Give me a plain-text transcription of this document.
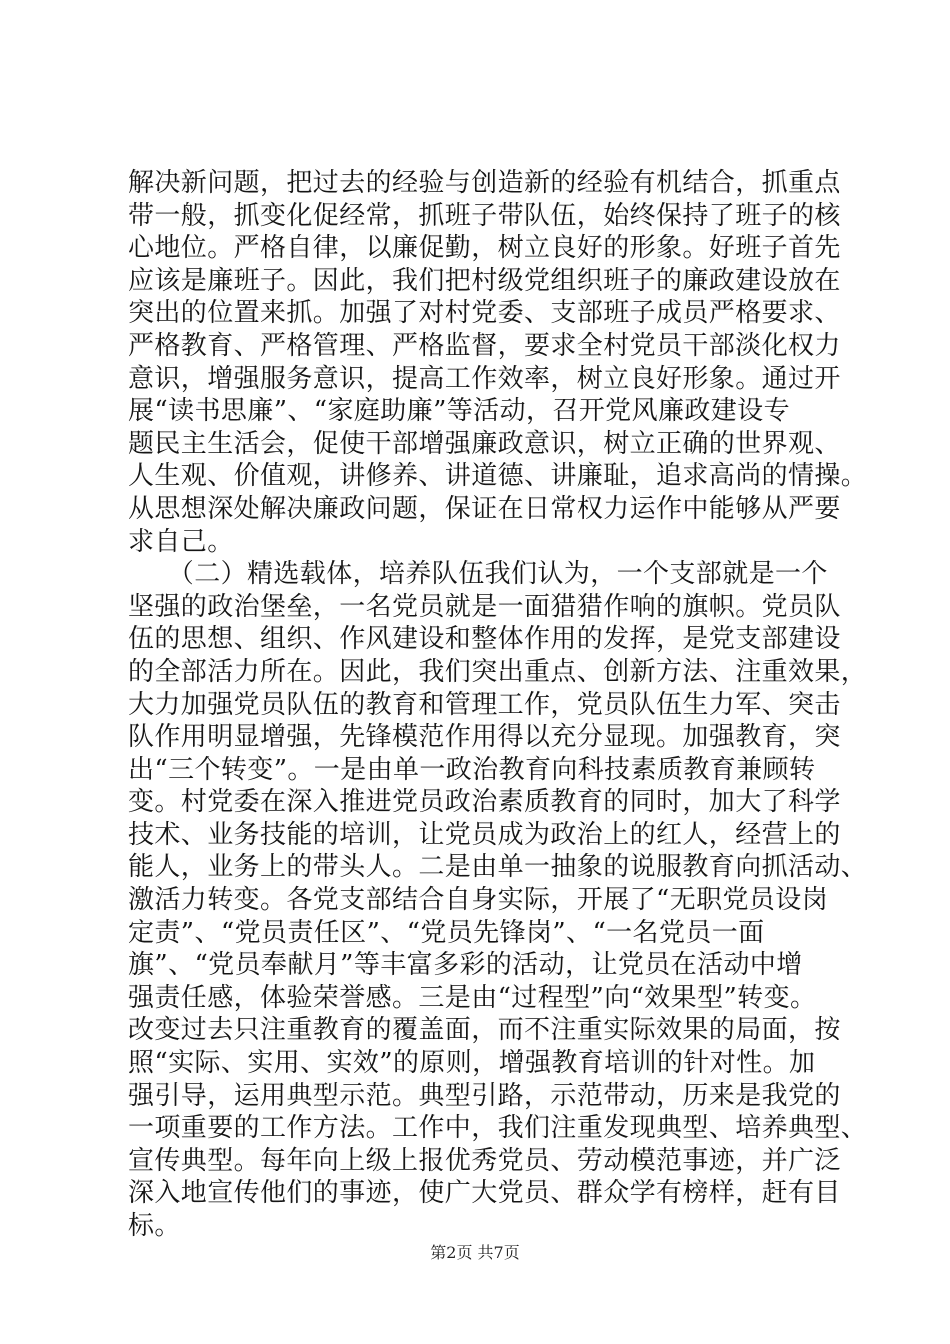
解决新问题，把过去的经验与创造新的经验有机结合，抓重点
带一般，抓变化促经常，抓班子带队伍，始终保持了班子的核
心地位。严格自律，以廉促勤，树立良好的形象。好班子首先
应该是廉班子。因此，我们把村级党组织班子的廉政建设放在
突出的位置来抓。加强了对村党委、支部班子成员严格要求、
严格教育、严格管理、严格监督，要求全村党员干部淡化权力
意识，增强服务意识，提高工作效率，树立良好形象。通过开
展“读书思廉”、“家庭助廉”等活动，召开党风廉政建设专
题民主生活会，促使干部增强廉政意识，树立正确的世界观、
人生观、价值观，讲修养、讲道德、讲廉耻，追求高尚的情操。
从思想深处解决廉政问题，保证在日常权力运作中能够从严要
求自己。
　　（二）精选载体，培养队伍我们认为，一个支部就是一个
坚强的政治堡垒，一名党员就是一面猎猎作响的旗帜。党员队
伍的思想、组织、作风建设和整体作用的发挥，是党支部建设
的全部活力所在。因此，我们突出重点、创新方法、注重效果，
大力加强党员队伍的教育和管理工作，党员队伍生力军、突击
队作用明显增强，先锋模范作用得以充分显现。加强教育，突
出“三个转变”。一是由单一政治教育向科技素质教育兼顾转
变。村党委在深入推进党员政治素质教育的同时，加大了科学
技术、业务技能的培训，让党员成为政治上的红人，经营上的
能人，业务上的带头人。二是由单一抽象的说服教育向抓活动、
激活力转变。各党支部结合自身实际，开展了“无职党员设岗
定责”、“党员责任区”、“党员先锋岗”、“一名党员一面
旗”、“党员奉献月”等丰富多彩的活动，让党员在活动中增
强责任感，体验荣誉感。三是由“过程型”向“效果型”转变。
改变过去只注重教育的覆盖面，而不注重实际效果的局面，按
照“实际、实用、实效”的原则，增强教育培训的针对性。加
强引导，运用典型示范。典型引路，示范带动，历来是我党的
一项重要的工作方法。工作中，我们注重发现典型、培养典型、
宣传典型。每年向上级上报优秀党员、劳动模范事迹，并广泛
深入地宣传他们的事迹，使广大党员、群众学有榜样，赶有目
标。
第2页 共7页
